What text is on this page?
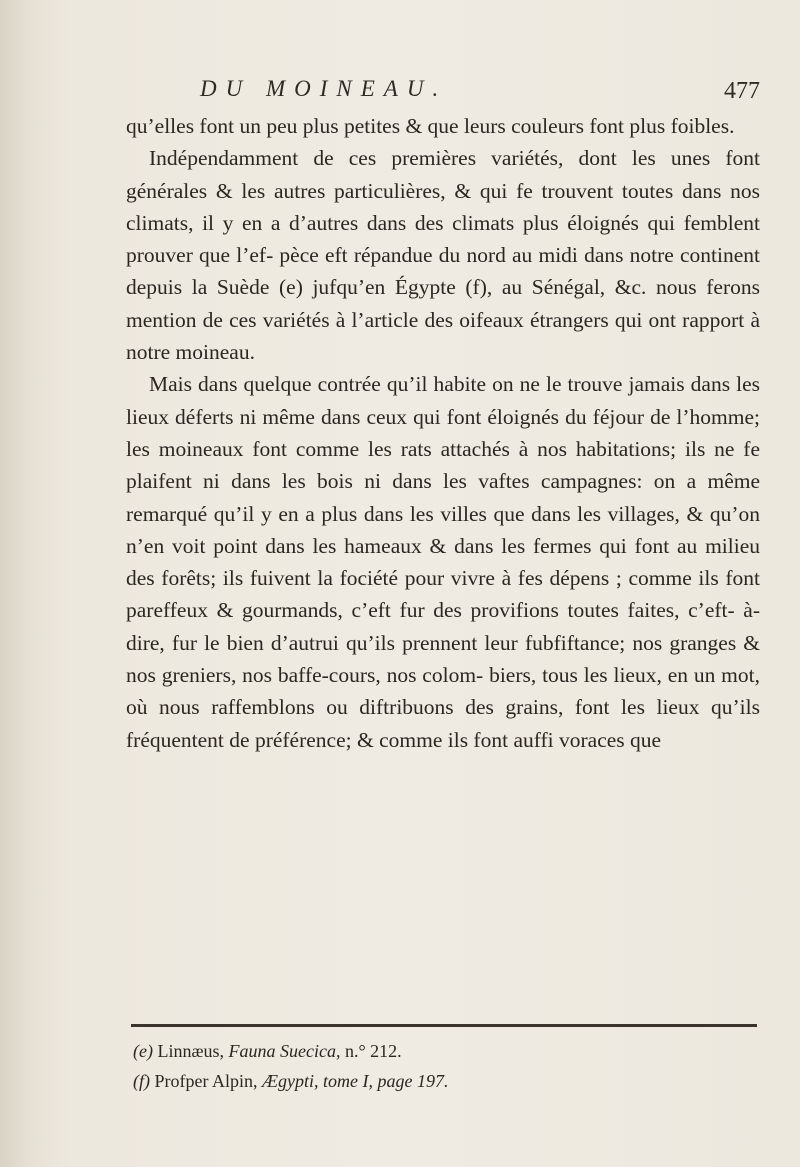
DU MOINEAU.	477

qu’elles font un peu plus petites & que leurs couleurs font plus foibles.

Indépendamment de ces premières variétés, dont les unes font générales & les autres particulières, & qui fe trouvent toutes dans nos climats, il y en a d’autres dans des climats plus éloignés qui femblent prouver que l’ef- pèce eft répandue du nord au midi dans notre continent depuis la Suède (e) jufqu’en Égypte (f), au Sénégal, &c. nous ferons mention de ces variétés à l’article des oifeaux étrangers qui ont rapport à notre moineau.

Mais dans quelque contrée qu’il habite on ne le trouve jamais dans les lieux déferts ni même dans ceux qui font éloignés du féjour de l’homme; les moineaux font comme les rats attachés à nos habitations; ils ne fe plaifent ni dans les bois ni dans les vaftes campagnes: on a même remarqué qu’il y en a plus dans les villes que dans les villages, & qu’on n’en voit point dans les hameaux & dans les fermes qui font au milieu des forêts; ils fuivent la fociété pour vivre à fes dépens ; comme ils font pareffeux & gourmands, c’eft fur des provifions toutes faites, c’eft- à-dire, fur le bien d’autrui qu’ils prennent leur fubfiftance; nos granges & nos greniers, nos baffe-cours, nos colom- biers, tous les lieux, en un mot, où nous raffemblons ou diftribuons des grains, font les lieux qu’ils fréquentent de préférence; & comme ils font auffi voraces que

(e) Linnæus, Fauna Suecica, n.° 212.
(f) Profper Alpin, Ægypti, tome I, page 197.
